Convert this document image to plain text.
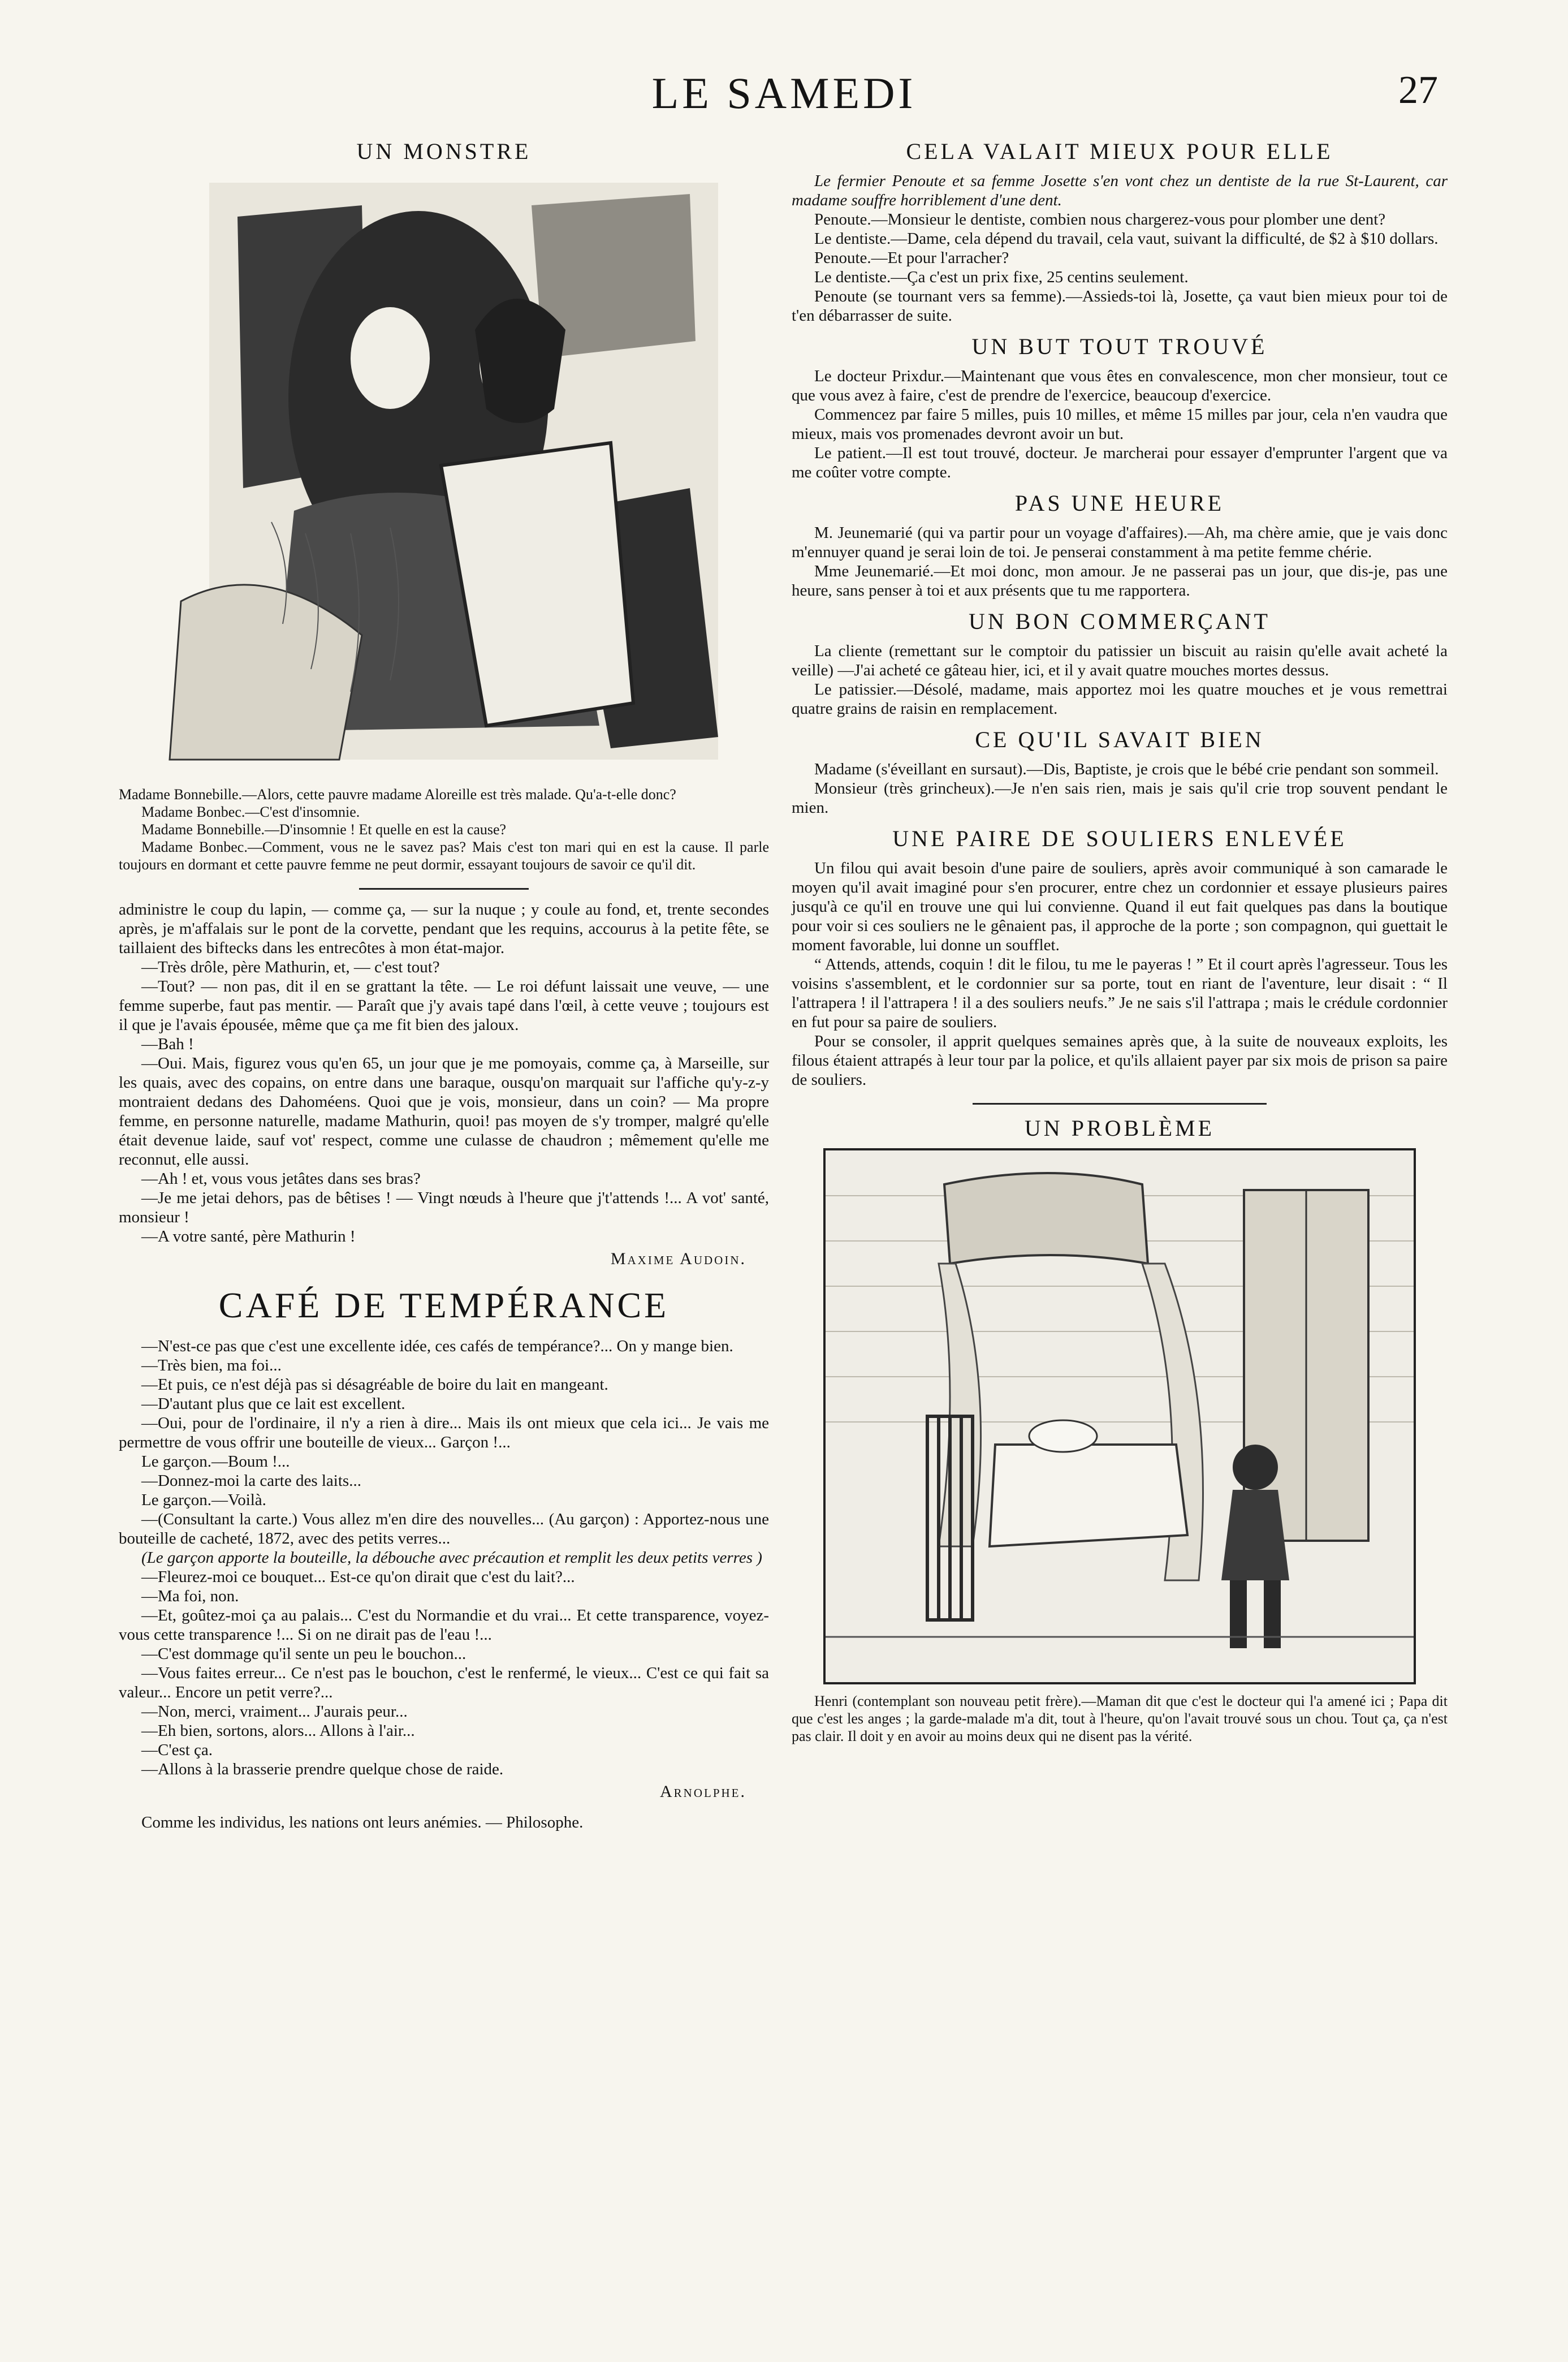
LE SAMEDI	27
UN MONSTRE

Madame Bonnebille.—Alors, cette pauvre madame Aloreille est très malade. Qu'a-t-elle donc?

Madame Bonbec.—C'est d'insomnie.

Madame Bonnebille.—D'insomnie ! Et quelle en est la cause?

Madame Bonbec.—Comment, vous ne le savez pas? Mais c'est ton mari qui en est la cause. Il parle toujours en dormant et cette pauvre femme ne peut dormir, essayant toujours de savoir ce qu'il dit.

administre le coup du lapin, — comme ça, — sur la nuque ; y coule au fond, et, trente secondes après, je m'affalais sur le pont de la corvette, pendant que les requins, accourus à la petite fête, se taillaient des biftecks dans les entrecôtes à mon état-major.

—Très drôle, père Mathurin, et, — c'est tout?

—Tout? — non pas, dit il en se grattant la tête. — Le roi défunt laissait une veuve, — une femme superbe, faut pas mentir. — Paraît que j'y avais tapé dans l'œil, à cette veuve ; toujours est il que je l'avais épousée, même que ça me fit bien des jaloux.

—Bah !

—Oui. Mais, figurez vous qu'en 65, un jour que je me pomoyais, comme ça, à Marseille, sur les quais, avec des copains, on entre dans une baraque, ousqu'on marquait sur l'affiche qu'y-z-y montraient dedans des Dahoméens. Quoi que je vois, monsieur, dans un coin? — Ma propre femme, en personne naturelle, madame Mathurin, quoi! pas moyen de s'y tromper, malgré qu'elle était devenue laide, sauf vot' respect, comme une culasse de chaudron ; mêmement qu'elle me reconnut, elle aussi.

—Ah ! et, vous vous jetâtes dans ses bras?

—Je me jetai dehors, pas de bêtises ! — Vingt nœuds à l'heure que j't'attends !... A vot' santé, monsieur !

—A votre santé, père Mathurin !

Maxime Audoin.
CAFÉ DE TEMPÉRANCE

—N'est-ce pas que c'est une excellente idée, ces cafés de tempérance?... On y mange bien.

—Très bien, ma foi...

—Et puis, ce n'est déjà pas si désagréable de boire du lait en mangeant.

—D'autant plus que ce lait est excellent.

—Oui, pour de l'ordinaire, il n'y a rien à dire... Mais ils ont mieux que cela ici... Je vais me permettre de vous offrir une bouteille de vieux... Garçon !...

Le garçon.—Boum !...

—Donnez-moi la carte des laits...

Le garçon.—Voilà.

—(Consultant la carte.) Vous allez m'en dire des nouvelles... (Au garçon) : Apportez-nous une bouteille de cacheté, 1872, avec des petits verres...

(Le garçon apporte la bouteille, la débouche avec précaution et remplit les deux petits verres )

—Fleurez-moi ce bouquet... Est-ce qu'on dirait que c'est du lait?...

—Ma foi, non.

—Et, goûtez-moi ça au palais... C'est du Normandie et du vrai... Et cette transparence, voyez-vous cette transparence !... Si on ne dirait pas de l'eau !...

—C'est dommage qu'il sente un peu le bouchon...

—Vous faites erreur... Ce n'est pas le bouchon, c'est le renfermé, le vieux... C'est ce qui fait sa valeur... Encore un petit verre?...

—Non, merci, vraiment... J'aurais peur...

—Eh bien, sortons, alors... Allons à l'air...

—C'est ça.

—Allons à la brasserie prendre quelque chose de raide.

Arnolphe.

Comme les individus, les nations ont leurs anémies. — Philosophe.

CELA VALAIT MIEUX POUR ELLE

Le fermier Penoute et sa femme Josette s'en vont chez un dentiste de la rue St-Laurent, car madame souffre horriblement d'une dent.

Penoute.—Monsieur le dentiste, combien nous chargerez-vous pour plomber une dent?

Le dentiste.—Dame, cela dépend du travail, cela vaut, suivant la difficulté, de $2 à $10 dollars.

Penoute.—Et pour l'arracher?

Le dentiste.—Ça c'est un prix fixe, 25 centins seulement.

Penoute (se tournant vers sa femme).—Assieds-toi là, Josette, ça vaut bien mieux pour toi de t'en débarrasser de suite.

UN BUT TOUT TROUVÉ

Le docteur Prixdur.—Maintenant que vous êtes en convalescence, mon cher monsieur, tout ce que vous avez à faire, c'est de prendre de l'exercice, beaucoup d'exercice.

Commencez par faire 5 milles, puis 10 milles, et même 15 milles par jour, cela n'en vaudra que mieux, mais vos promenades devront avoir un but.

Le patient.—Il est tout trouvé, docteur. Je marcherai pour essayer d'emprunter l'argent que va me coûter votre compte.

PAS UNE HEURE

M. Jeunemarié (qui va partir pour un voyage d'affaires).—Ah, ma chère amie, que je vais donc m'ennuyer quand je serai loin de toi. Je penserai constamment à ma petite femme chérie.

Mme Jeunemarié.—Et moi donc, mon amour. Je ne passerai pas un jour, que dis-je, pas une heure, sans penser à toi et aux présents que tu me rapportera.

UN BON COMMERÇANT

La cliente (remettant sur le comptoir du patissier un biscuit au raisin qu'elle avait acheté la veille) —J'ai acheté ce gâteau hier, ici, et il y avait quatre mouches mortes dessus.

Le patissier.—Désolé, madame, mais apportez moi les quatre mouches et je vous remettrai quatre grains de raisin en remplacement.

CE QU'IL SAVAIT BIEN

Madame (s'éveillant en sursaut).—Dis, Baptiste, je crois que le bébé crie pendant son sommeil.

Monsieur (très grincheux).—Je n'en sais rien, mais je sais qu'il crie trop souvent pendant le mien.

UNE PAIRE DE SOULIERS ENLEVÉE

Un filou qui avait besoin d'une paire de souliers, après avoir communiqué à son camarade le moyen qu'il avait imaginé pour s'en procurer, entre chez un cordonnier et essaye plusieurs paires jusqu'à ce qu'il en trouve une qui lui convienne. Quand il eut fait quelques pas dans la boutique pour voir si ces souliers ne le gênaient pas, il approche de la porte ; son compagnon, qui guettait le moment favorable, lui donne un soufflet.

“ Attends, attends, coquin ! dit le filou, tu me le payeras ! ” Et il court après l'agresseur. Tous les voisins s'assemblent, et le cordonnier sur sa porte, tout en riant de l'aventure, leur disait : “ Il l'attrapera ! il l'attrapera ! il a des souliers neufs.” Je ne sais s'il l'attrapa ; mais le crédule cordonnier en fut pour sa paire de souliers.

Pour se consoler, il apprit quelques semaines après que, à la suite de nouveaux exploits, les filous étaient attrapés à leur tour par la police, et qu'ils allaient payer par six mois de prison sa paire de souliers.

UN PROBLÈME

Henri (contemplant son nouveau petit frère).—Maman dit que c'est le docteur qui l'a amené ici ; Papa dit que c'est les anges ; la garde-malade m'a dit, tout à l'heure, qu'on l'avait trouvé sous un chou. Tout ça, ça n'est pas clair. Il doit y en avoir au moins deux qui ne disent pas la vérité.
